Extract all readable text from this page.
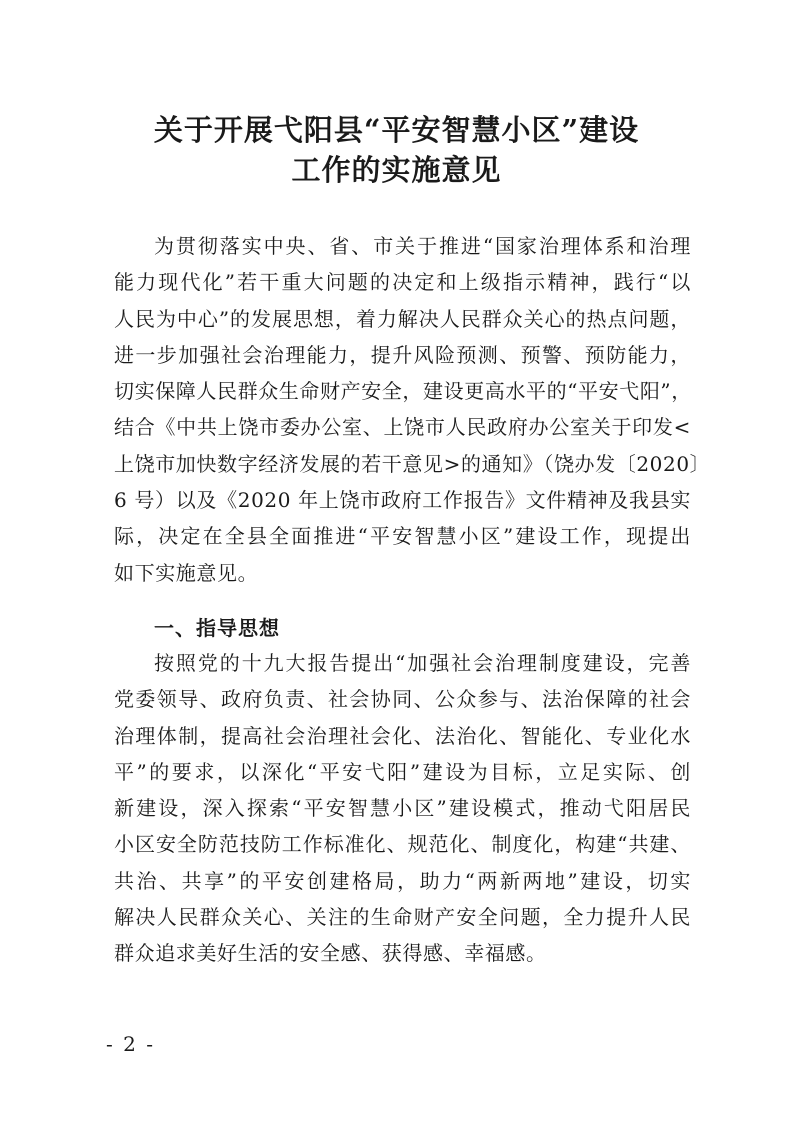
关于开展弋阳县“平安智慧小区”建设
工作的实施意见
为贯彻落实中央、省、市关于推进“国家治理体系和治理
能力现代化”若干重大问题的决定和上级指示精神，践行“以
人民为中心”的发展思想，着力解决人民群众关心的热点问题，
进一步加强社会治理能力，提升风险预测、预警、预防能力，
切实保障人民群众生命财产安全，建设更高水平的“平安弋阳”，
结合《中共上饶市委办公室、上饶市人民政府办公室关于印发<
上饶市加快数字经济发展的若干意见>的通知》（饶办发〔2020〕
6 号）以及《2020 年上饶市政府工作报告》文件精神及我县实
际，决定在全县全面推进“平安智慧小区”建设工作，现提出
如下实施意见。
一、指导思想
按照党的十九大报告提出“加强社会治理制度建设，完善
党委领导、政府负责、社会协同、公众参与、法治保障的社会
治理体制，提高社会治理社会化、法治化、智能化、专业化水
平”的要求，以深化“平安弋阳”建设为目标，立足实际、创
新建设，深入探索“平安智慧小区”建设模式，推动弋阳居民
小区安全防范技防工作标准化、规范化、制度化，构建“共建、
共治、共享”的平安创建格局，助力“两新两地”建设，切实
解决人民群众关心、关注的生命财产安全问题，全力提升人民
群众追求美好生活的安全感、获得感、幸福感。
- 2 -
